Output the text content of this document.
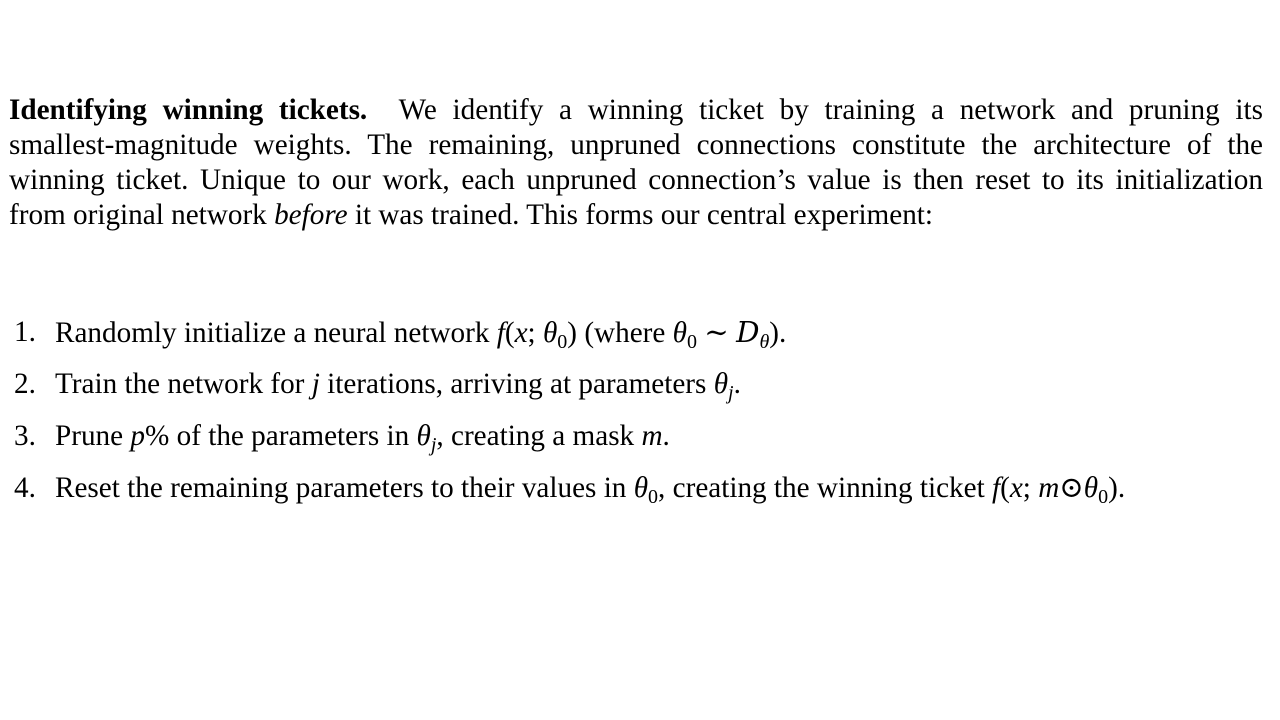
Identifying winning tickets. We identify a winning ticket by training a network and pruning its
smallest-magnitude weights. The remaining, unpruned connections constitute the architecture of the
winning ticket. Unique to our work, each unpruned connection’s value is then reset to its initialization
from original network before it was trained. This forms our central experiment:
1. Randomly initialize a neural network f(x; $\theta_0$) (where $\theta_0$ ∼ $D_\theta$).
2. Train the network for j iterations, arriving at parameters $\theta_j$.
3. Prune p% of the parameters in $\theta_j$, creating a mask m.
4. Reset the remaining parameters to their values in $\theta_0$, creating the winning ticket f(x; $m⊙\theta_0$).
